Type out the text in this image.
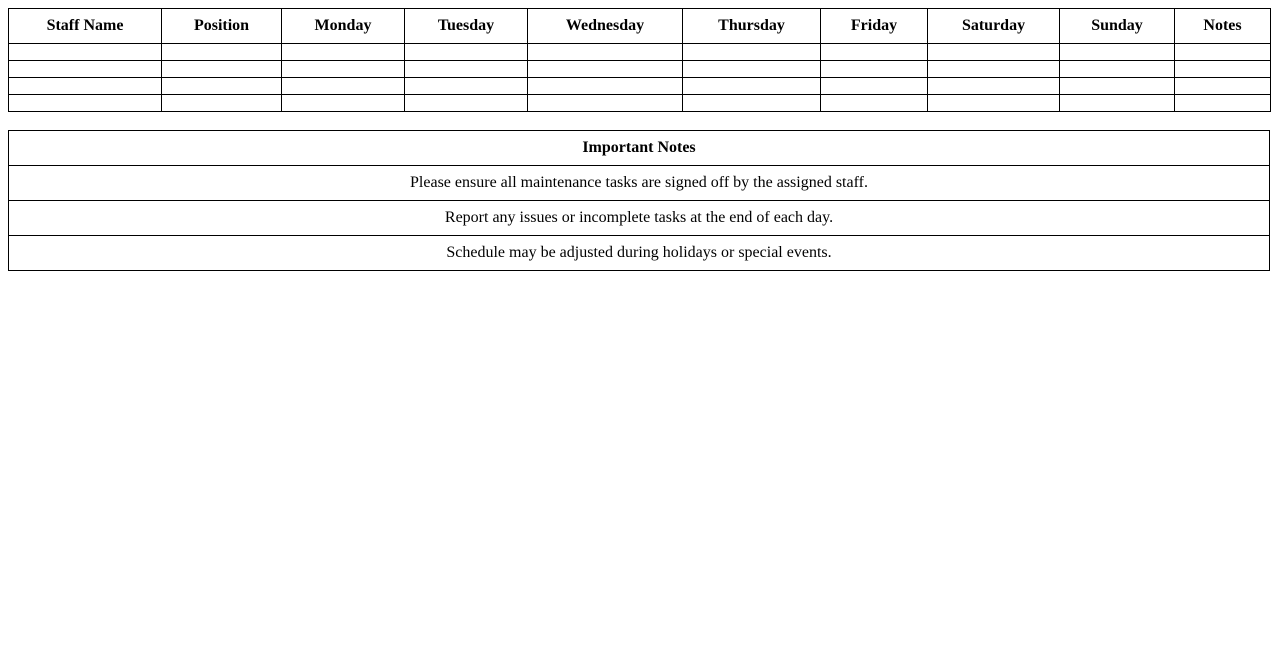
Staff Name	Position	Monday	Tuesday	Wednesday	Thursday	Friday	Saturday	Sunday	Notes

Important Notes
Please ensure all maintenance tasks are signed off by the assigned staff.
Report any issues or incomplete tasks at the end of each day.
Schedule may be adjusted during holidays or special events.
